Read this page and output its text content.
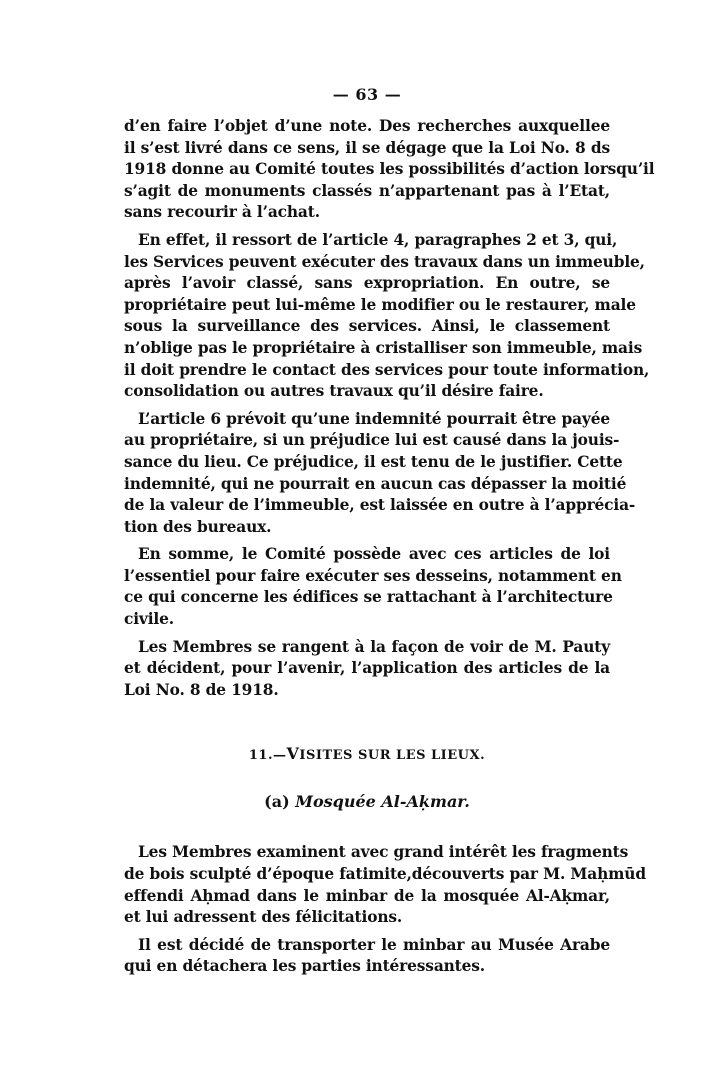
— 63 —
d’en faire l’objet d’une note. Des recherches auxquellee
il s’est livré dans ce sens, il se dégage que la Loi No. 8 ds
1918 donne au Comité toutes les possibilités d’action lorsqu’il
s’agit de monuments classés n’appartenant pas à l’Etat,
sans recourir à l’achat.
En effet, il ressort de l’article 4, paragraphes 2 et 3, qui,
les Services peuvent exécuter des travaux dans un immeuble,
après l’avoir classé, sans expropriation. En outre, se
propriétaire peut lui-même le modifier ou le restaurer, male
sous la surveillance des services. Ainsi, le classement
n’oblige pas le propriétaire à cristalliser son immeuble, mais
il doit prendre le contact des services pour toute information,
consolidation ou autres travaux qu’il désire faire.
L’article 6 prévoit qu’une indemnité pourrait être payée
au propriétaire, si un préjudice lui est causé dans la jouis-
sance du lieu. Ce préjudice, il est tenu de le justifier. Cette
indemnité, qui ne pourrait en aucun cas dépasser la moitié
de la valeur de l’immeuble, est laissée en outre à l’apprécia-
tion des bureaux.
En somme, le Comité possède avec ces articles de loi
l’essentiel pour faire exécuter ses desseins, notamment en
ce qui concerne les édifices se rattachant à l’architecture
civile.
Les Membres se rangent à la façon de voir de M. Pauty
et décident, pour l’avenir, l’application des articles de la
Loi No. 8 de 1918.
11.—VISITES SUR LES LIEUX.
(a) Mosquée Al-Aḳmar.
Les Membres examinent avec grand intérêt les fragments
de bois sculpté d’époque fatimite,découverts par M. Maḥmūd
effendi Aḥmad dans le minbar de la mosquée Al-Aḳmar,
et lui adressent des félicitations.
Il est décidé de transporter le minbar au Musée Arabe
qui en détachera les parties intéressantes.
